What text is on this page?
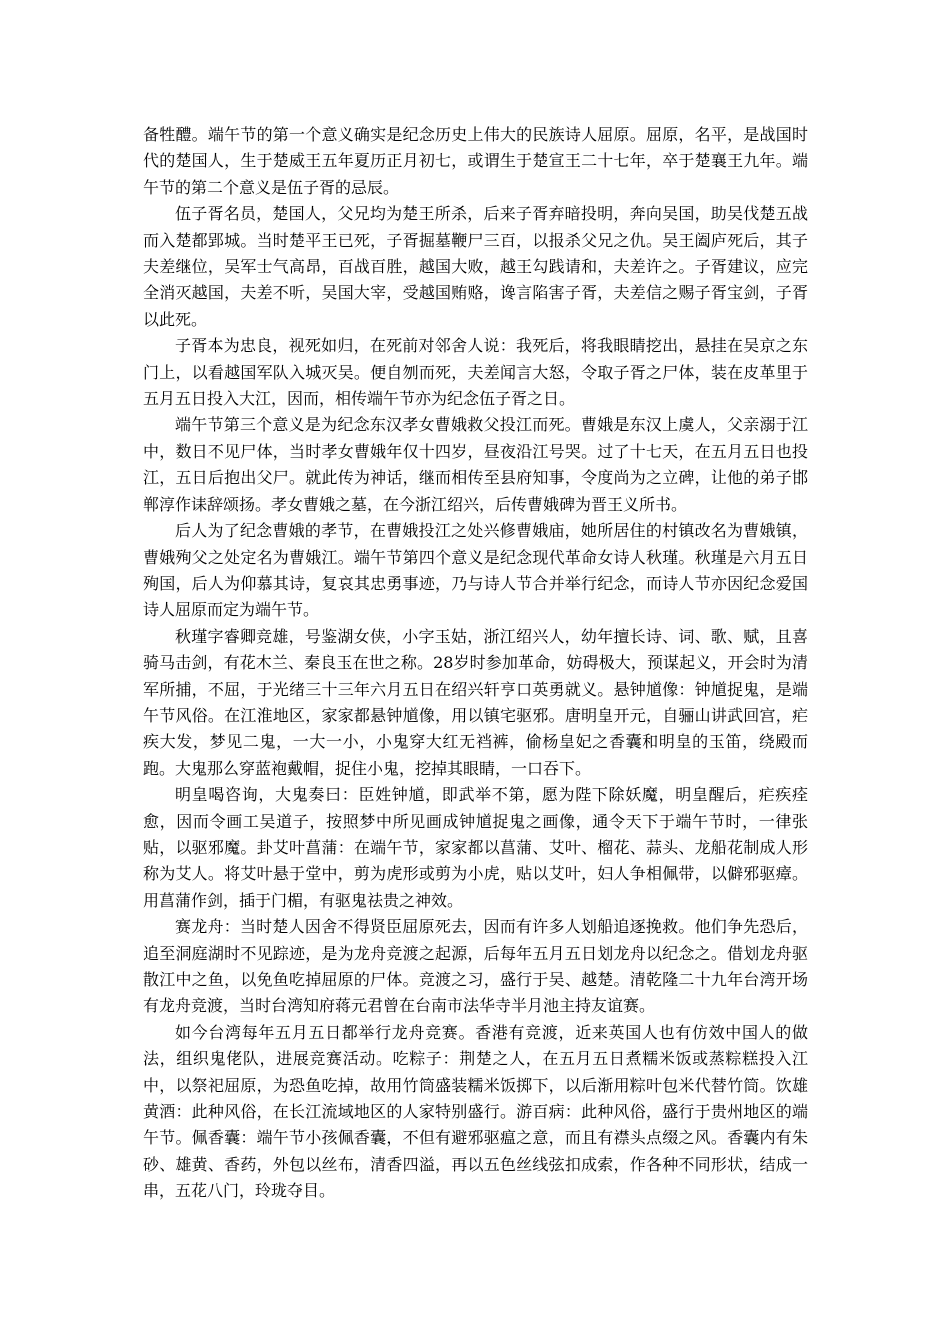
备牲醴。端午节的第一个意义确实是纪念历史上伟大的民族诗人屈原。屈原，名平，是战国时代的楚国人，生于楚威王五年夏历正月初七，或谓生于楚宣王二十七年，卒于楚襄王九年。端午节的第二个意义是伍子胥的忌辰。

伍子胥名员，楚国人，父兄均为楚王所杀，后来子胥弃暗投明，奔向吴国，助吴伐楚五战而入楚都郢城。当时楚平王已死，子胥掘墓鞭尸三百，以报杀父兄之仇。吴王阖庐死后，其子夫差继位，吴军士气高昂，百战百胜，越国大败，越王勾践请和，夫差许之。子胥建议，应完全消灭越国，夫差不听，吴国大宰，受越国贿赂，谗言陷害子胥，夫差信之赐子胥宝剑，子胥以此死。

子胥本为忠良，视死如归，在死前对邻舍人说：我死后，将我眼睛挖出，悬挂在吴京之东门上，以看越国军队入城灭吴。便自刎而死，夫差闻言大怒，令取子胥之尸体，装在皮革里于五月五日投入大江，因而，相传端午节亦为纪念伍子胥之日。

端午节第三个意义是为纪念东汉孝女曹娥救父投江而死。曹娥是东汉上虞人，父亲溺于江中，数日不见尸体，当时孝女曹娥年仅十四岁，昼夜沿江号哭。过了十七天，在五月五日也投江，五日后抱出父尸。就此传为神话，继而相传至县府知事，令度尚为之立碑，让他的弟子邯郸淳作诔辞颂扬。孝女曹娥之墓，在今浙江绍兴，后传曹娥碑为晋王义所书。

后人为了纪念曹娥的孝节，在曹娥投江之处兴修曹娥庙，她所居住的村镇改名为曹娥镇，曹娥殉父之处定名为曹娥江。端午节第四个意义是纪念现代革命女诗人秋瑾。秋瑾是六月五日殉国，后人为仰慕其诗，复哀其忠勇事迹，乃与诗人节合并举行纪念，而诗人节亦因纪念爱国诗人屈原而定为端午节。

秋瑾字睿卿竞雄，号鉴湖女侠，小字玉姑，浙江绍兴人，幼年擅长诗、词、歌、赋，且喜骑马击剑，有花木兰、秦良玉在世之称。28岁时参加革命，妨碍极大，预谋起义，开会时为清军所捕，不屈，于光绪三十三年六月五日在绍兴轩亨口英勇就义。悬钟馗像：钟馗捉鬼，是端午节风俗。在江淮地区，家家都悬钟馗像，用以镇宅驱邪。唐明皇开元，自骊山讲武回宫，疟疾大发，梦见二鬼，一大一小，小鬼穿大红无裆裤，偷杨皇妃之香囊和明皇的玉笛，绕殿而跑。大鬼那么穿蓝袍戴帽，捉住小鬼，挖掉其眼睛，一口吞下。

明皇喝咨询，大鬼奏曰：臣姓钟馗，即武举不第，愿为陛下除妖魔，明皇醒后，疟疾痊愈，因而令画工吴道子，按照梦中所见画成钟馗捉鬼之画像，通令天下于端午节时，一律张贴，以驱邪魔。卦艾叶菖蒲：在端午节，家家都以菖蒲、艾叶、榴花、蒜头、龙船花制成人形称为艾人。将艾叶悬于堂中，剪为虎形或剪为小虎，贴以艾叶，妇人争相佩带，以僻邪驱瘴。用菖蒲作剑，插于门楣，有驱鬼祛贵之神效。

赛龙舟：当时楚人因舍不得贤臣屈原死去，因而有许多人划船追逐挽救。他们争先恐后，追至洞庭湖时不见踪迹，是为龙舟竞渡之起源，后每年五月五日划龙舟以纪念之。借划龙舟驱散江中之鱼，以免鱼吃掉屈原的尸体。竞渡之习，盛行于吴、越楚。清乾隆二十九年台湾开场有龙舟竞渡，当时台湾知府蒋元君曾在台南市法华寺半月池主持友谊赛。

如今台湾每年五月五日都举行龙舟竞赛。香港有竞渡，近来英国人也有仿效中国人的做法，组织鬼佬队，进展竞赛活动。吃粽子：荆楚之人，在五月五日煮糯米饭或蒸粽糕投入江中，以祭祀屈原，为恐鱼吃掉，故用竹筒盛装糯米饭掷下，以后渐用粽叶包米代替竹筒。饮雄黄酒：此种风俗，在长江流域地区的人家特别盛行。游百病：此种风俗，盛行于贵州地区的端午节。佩香囊：端午节小孩佩香囊，不但有避邪驱瘟之意，而且有襟头点缀之风。香囊内有朱砂、雄黄、香药，外包以丝布，清香四溢，再以五色丝线弦扣成索，作各种不同形状，结成一串，五花八门，玲珑夺目。
